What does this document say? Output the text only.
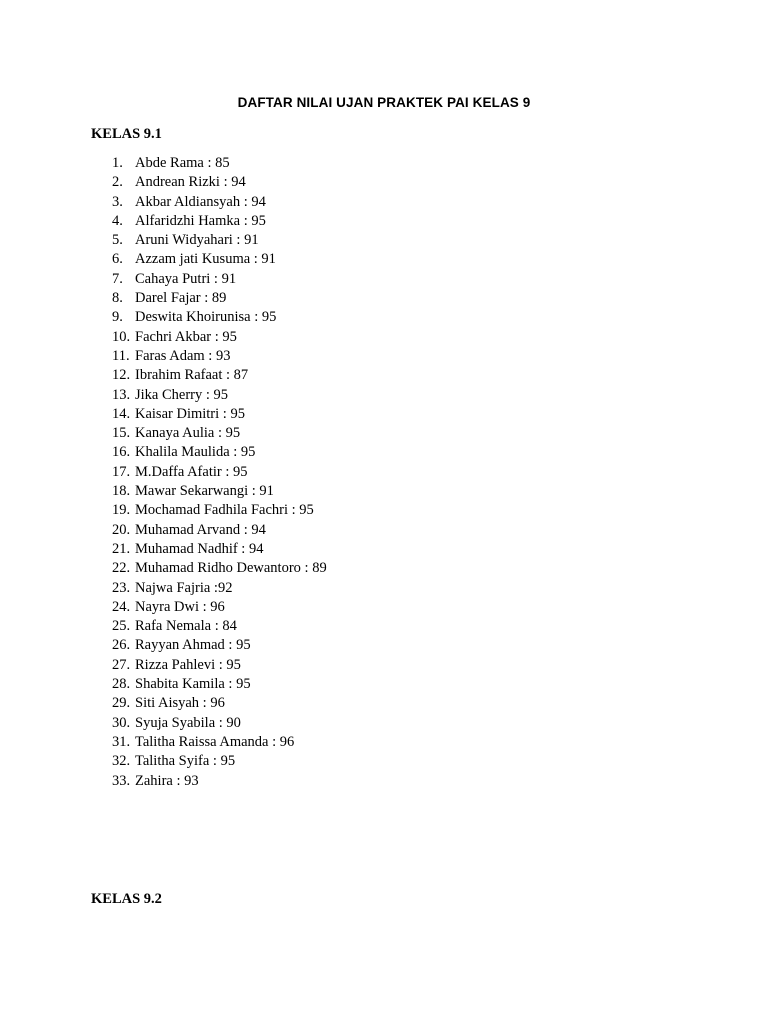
DAFTAR NILAI UJAN PRAKTEK PAI KELAS 9
KELAS 9.1
1. Abde Rama : 85
2. Andrean Rizki : 94
3. Akbar Aldiansyah : 94
4. Alfaridzhi Hamka : 95
5. Aruni Widyahari : 91
6. Azzam jati Kusuma : 91
7. Cahaya Putri : 91
8. Darel Fajar : 89
9. Deswita Khoirunisa : 95
10. Fachri Akbar : 95
11. Faras Adam : 93
12. Ibrahim Rafaat : 87
13. Jika Cherry : 95
14. Kaisar Dimitri : 95
15. Kanaya Aulia : 95
16. Khalila Maulida : 95
17. M.Daffa Afatir : 95
18. Mawar Sekarwangi : 91
19. Mochamad Fadhila Fachri : 95
20. Muhamad Arvand : 94
21. Muhamad Nadhif : 94
22. Muhamad Ridho Dewantoro : 89
23. Najwa Fajria :92
24. Nayra Dwi : 96
25. Rafa Nemala : 84
26. Rayyan Ahmad : 95
27. Rizza Pahlevi : 95
28. Shabita Kamila : 95
29. Siti Aisyah : 96
30. Syuja Syabila : 90
31. Talitha Raissa Amanda : 96
32. Talitha Syifa : 95
33. Zahira : 93
KELAS 9.2
